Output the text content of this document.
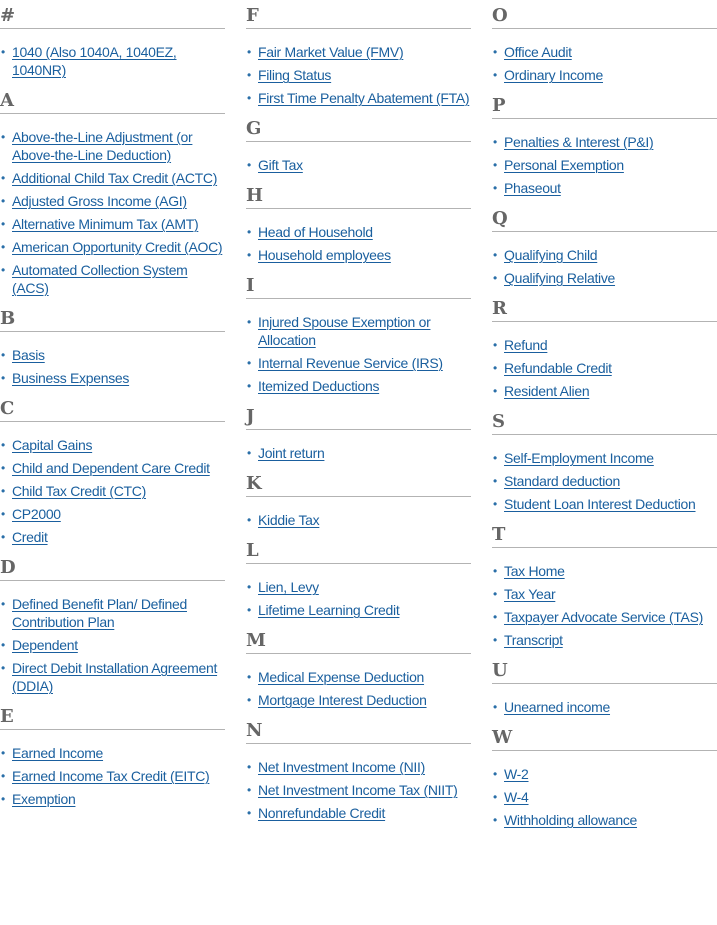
#
• 1040 (Also 1040A, 1040EZ, 1040NR)
A
• Above-the-Line Adjustment (or Above-the-Line Deduction)
• Additional Child Tax Credit (ACTC)
• Adjusted Gross Income (AGI)
• Alternative Minimum Tax (AMT)
• American Opportunity Credit (AOC)
• Automated Collection System (ACS)
B
• Basis
• Business Expenses
C
• Capital Gains
• Child and Dependent Care Credit
• Child Tax Credit (CTC)
• CP2000
• Credit
D
• Defined Benefit Plan/ Defined Contribution Plan
• Dependent
• Direct Debit Installation Agreement (DDIA)
E
• Earned Income
• Earned Income Tax Credit (EITC)
• Exemption
F
• Fair Market Value (FMV)
• Filing Status
• First Time Penalty Abatement (FTA)
G
• Gift Tax
H
• Head of Household
• Household employees
I
• Injured Spouse Exemption or Allocation
• Internal Revenue Service (IRS)
• Itemized Deductions
J
• Joint return
K
• Kiddie Tax
L
• Lien, Levy
• Lifetime Learning Credit
M
• Medical Expense Deduction
• Mortgage Interest Deduction
N
• Net Investment Income (NII)
• Net Investment Income Tax (NIIT)
• Nonrefundable Credit
O
• Office Audit
• Ordinary Income
P
• Penalties & Interest (P&I)
• Personal Exemption
• Phaseout
Q
• Qualifying Child
• Qualifying Relative
R
• Refund
• Refundable Credit
• Resident Alien
S
• Self-Employment Income
• Standard deduction
• Student Loan Interest Deduction
T
• Tax Home
• Tax Year
• Taxpayer Advocate Service (TAS)
• Transcript
U
• Unearned income
W
• W-2
• W-4
• Withholding allowance
